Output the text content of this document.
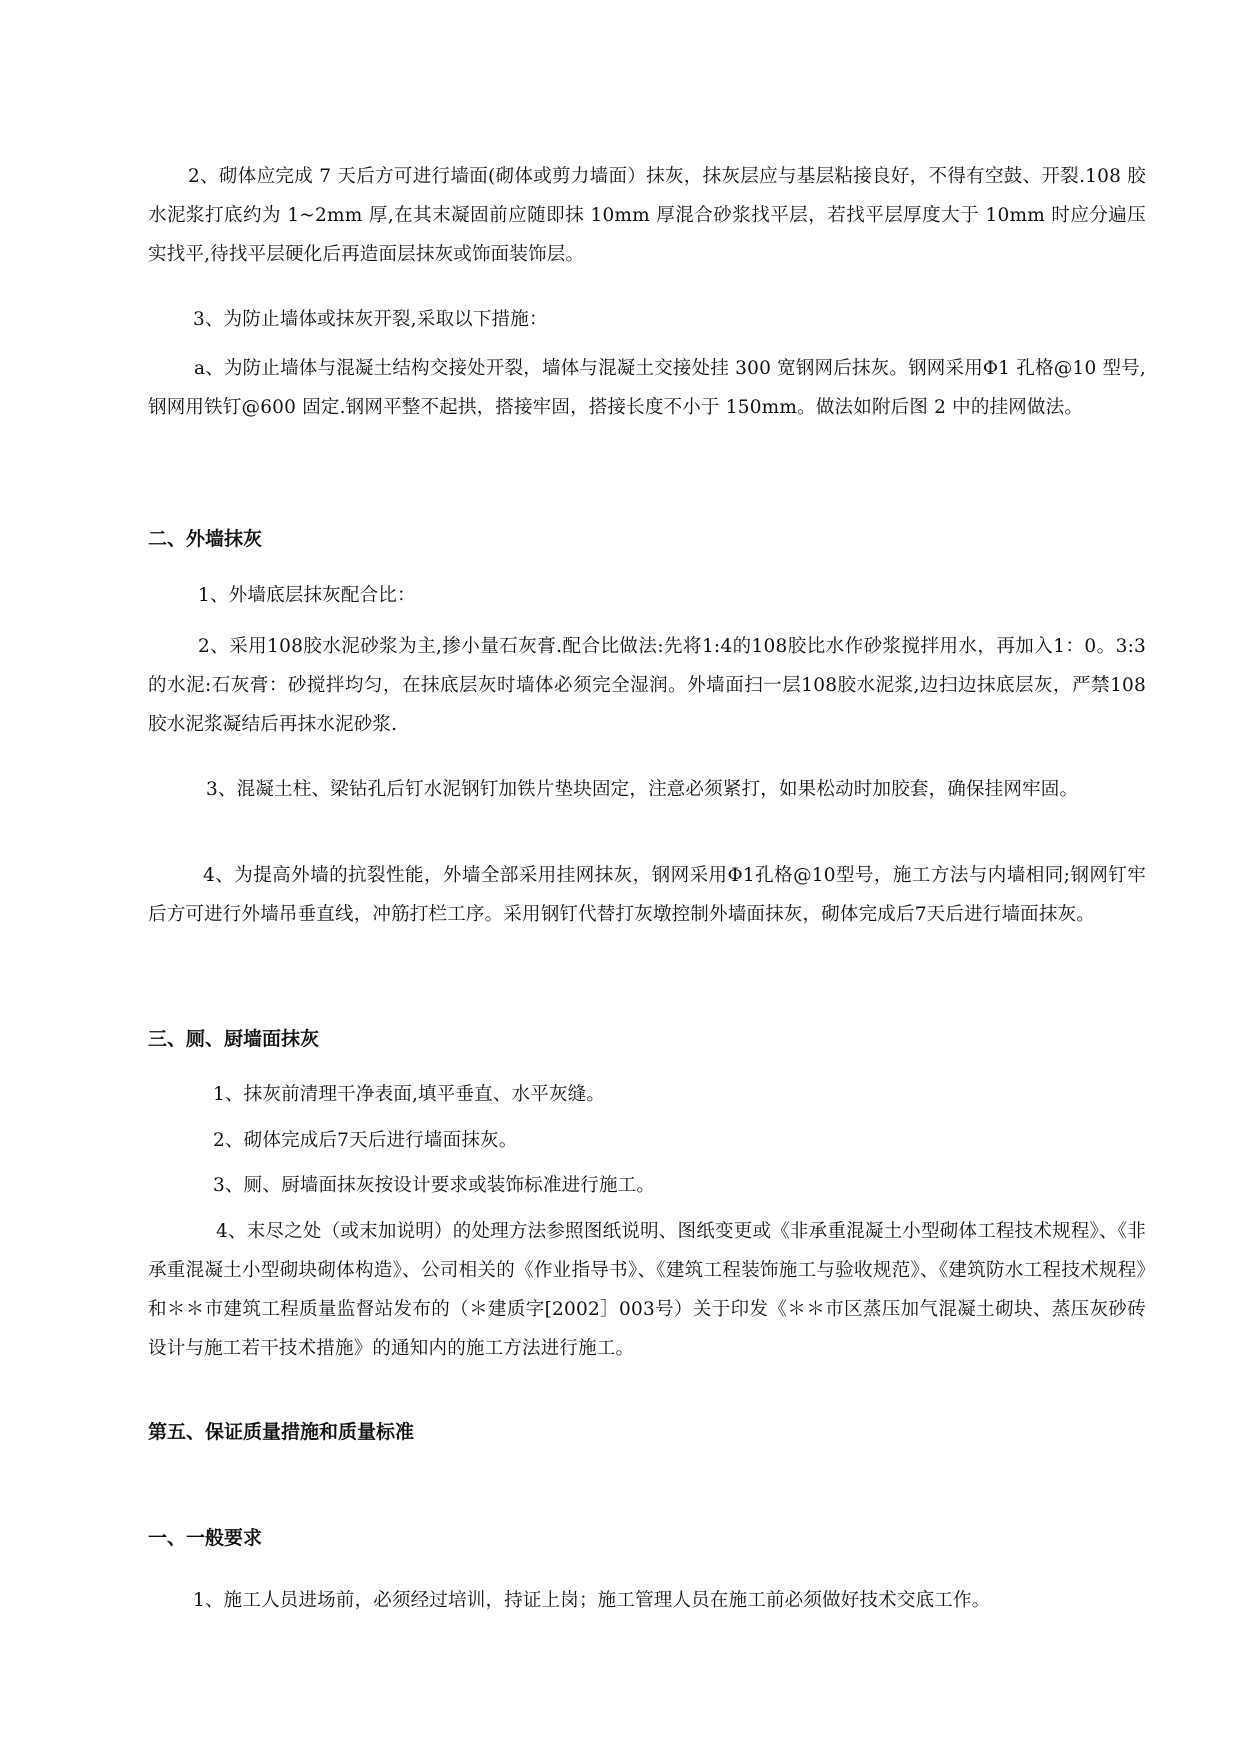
2、砌体应完成 7 天后方可进行墙面(砌体或剪力墙面）抹灰，抹灰层应与基层粘接良好，不得有空鼓、开裂.108 胶水泥浆打底约为 1~2mm 厚,在其末凝固前应随即抹 10mm 厚混合砂浆找平层，若找平层厚度大于 10mm 时应分遍压实找平,待找平层硬化后再造面层抹灰或饰面装饰层。

3、为防止墙体或抹灰开裂,采取以下措施：

a、为防止墙体与混凝土结构交接处开裂，墙体与混凝土交接处挂 300 宽钢网后抹灰。钢网采用Φ1 孔格@10 型号,钢网用铁钉@600 固定.钢网平整不起拱，搭接牢固，搭接长度不小于 150mm。做法如附后图 2 中的挂网做法。

二、外墙抹灰

1、外墙底层抹灰配合比：

2、采用108胶水泥砂浆为主,掺小量石灰膏.配合比做法:先将1:4的108胶比水作砂浆搅拌用水，再加入1：0。3:3的水泥:石灰膏：砂搅拌均匀，在抹底层灰时墙体必须完全湿润。外墙面扫一层108胶水泥浆,边扫边抹底层灰，严禁108胶水泥浆凝结后再抹水泥砂浆.

3、混凝土柱、梁钻孔后钉水泥钢钉加铁片垫块固定，注意必须紧打，如果松动时加胶套，确保挂网牢固。

4、为提高外墙的抗裂性能，外墙全部采用挂网抹灰，钢网采用Φ1孔格@10型号，施工方法与内墙相同;钢网钉牢后方可进行外墙吊垂直线，冲筋打栏工序。采用钢钉代替打灰墩控制外墙面抹灰，砌体完成后7天后进行墙面抹灰。

三、厕、厨墙面抹灰

1、抹灰前清理干净表面,填平垂直、水平灰缝。

2、砌体完成后7天后进行墙面抹灰。

3、厕、厨墙面抹灰按设计要求或装饰标准进行施工。

4、末尽之处（或末加说明）的处理方法参照图纸说明、图纸变更或《非承重混凝土小型砌体工程技术规程》、《非承重混凝土小型砌块砌体构造》、公司相关的《作业指导书》、《建筑工程装饰施工与验收规范》、《建筑防水工程技术规程》和＊＊市建筑工程质量监督站发布的（＊建质字[2002］003号）关于印发《＊＊市区蒸压加气混凝土砌块、蒸压灰砂砖设计与施工若干技术措施》的通知内的施工方法进行施工。

第五、保证质量措施和质量标准
一、一般要求

1、施工人员进场前，必须经过培训，持证上岗；施工管理人员在施工前必须做好技术交底工作。
